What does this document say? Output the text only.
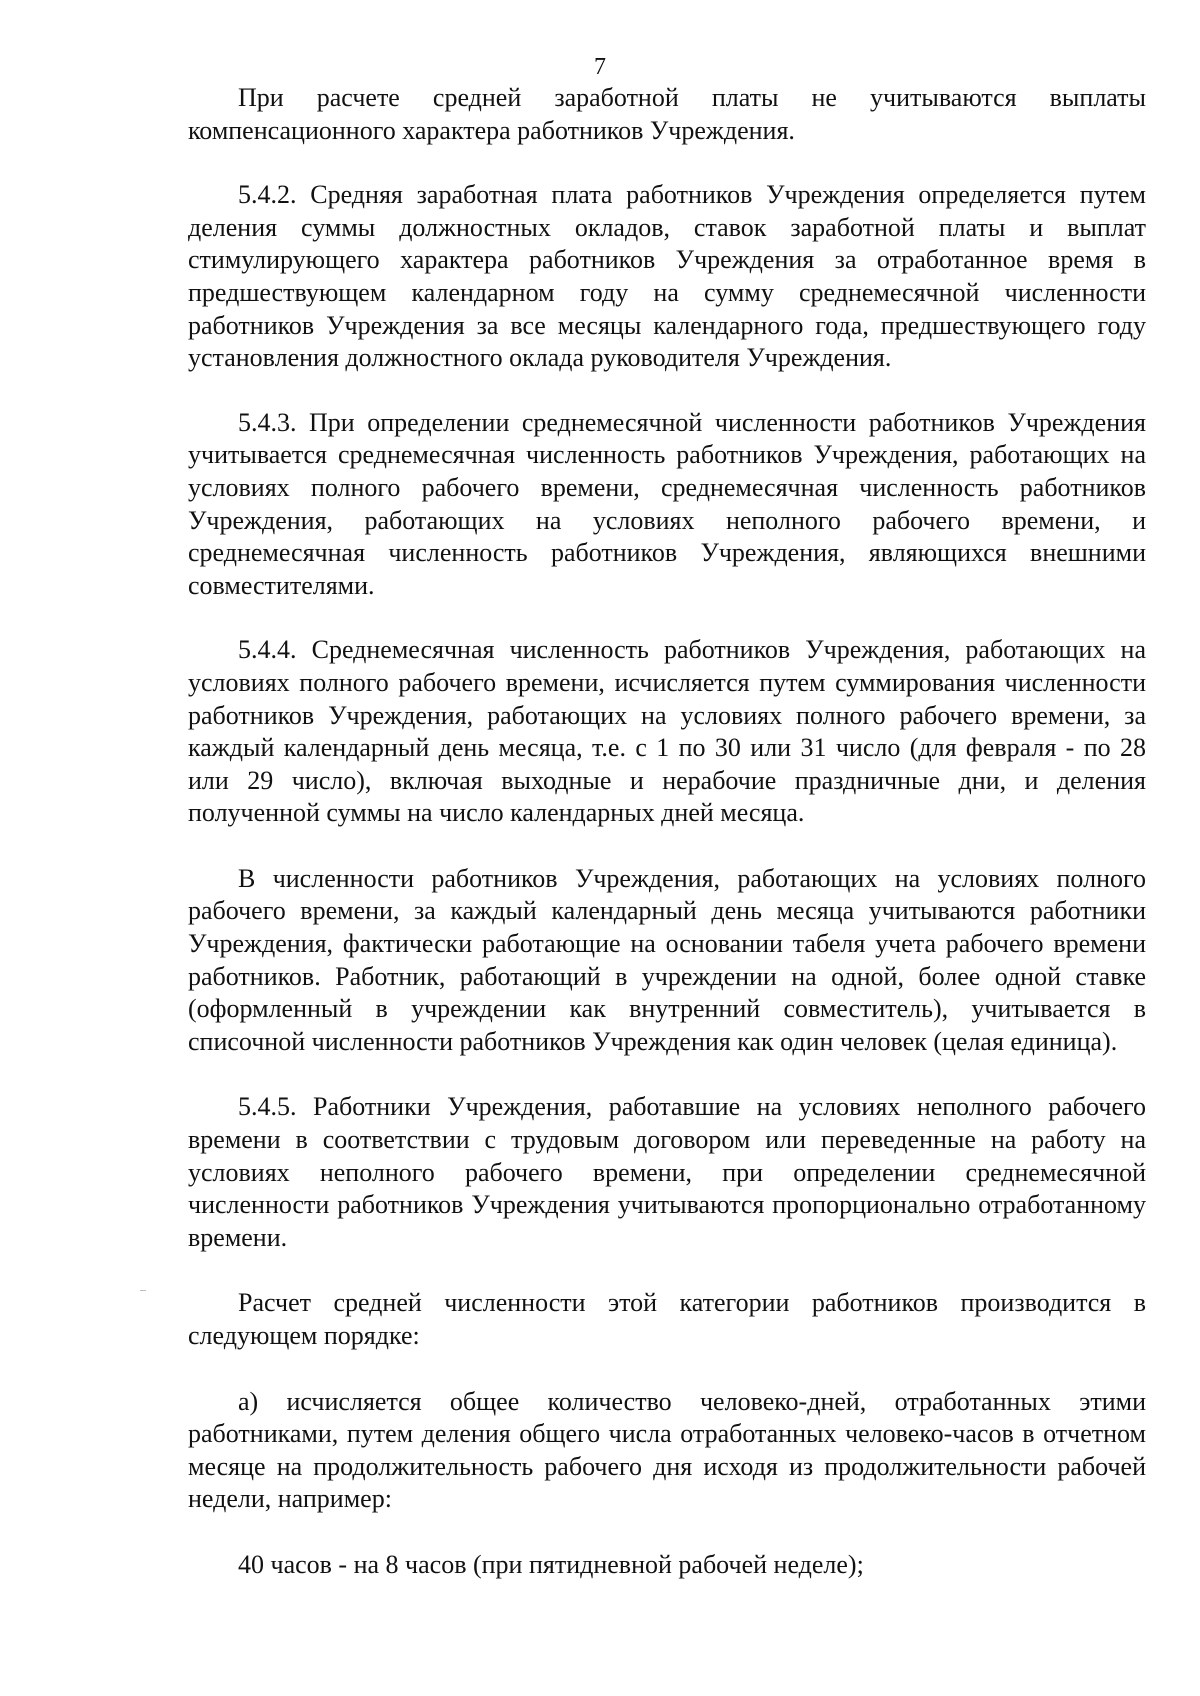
7

При расчете средней заработной платы не учитываются выплаты компенсационного характера работников Учреждения.

5.4.2. Средняя заработная плата работников Учреждения определяется путем деления суммы должностных окладов, ставок заработной платы и выплат стимулирующего характера работников Учреждения за отработанное время в предшествующем календарном году на сумму среднемесячной численности работников Учреждения за все месяцы календарного года, предшествующего году установления должностного оклада руководителя Учреждения.

5.4.3. При определении среднемесячной численности работников Учреждения учитывается среднемесячная численность работников Учреждения, работающих на условиях полного рабочего времени, среднемесячная численность работников Учреждения, работающих на условиях неполного рабочего времени, и среднемесячная численность работников Учреждения, являющихся внешними совместителями.

5.4.4. Среднемесячная численность работников Учреждения, работающих на условиях полного рабочего времени, исчисляется путем суммирования численности работников Учреждения, работающих на условиях полного рабочего времени, за каждый календарный день месяца, т.е. с 1 по 30 или 31 число (для февраля - по 28 или 29 число), включая выходные и нерабочие праздничные дни, и деления полученной суммы на число календарных дней месяца.

В численности работников Учреждения, работающих на условиях полного рабочего времени, за каждый календарный день месяца учитываются работники Учреждения, фактически работающие на основании табеля учета рабочего времени работников. Работник, работающий в учреждении на одной, более одной ставке (оформленный в учреждении как внутренний совместитель), учитывается в списочной численности работников Учреждения как один человек (целая единица).

5.4.5. Работники Учреждения, работавшие на условиях неполного рабочего времени в соответствии с трудовым договором или переведенные на работу на условиях неполного рабочего времени, при определении среднемесячной численности работников Учреждения учитываются пропорционально отработанному времени.

Расчет средней численности этой категории работников производится в следующем порядке:

а) исчисляется общее количество человеко-дней, отработанных этими работниками, путем деления общего числа отработанных человеко-часов в отчетном месяце на продолжительность рабочего дня исходя из продолжительности рабочей недели, например:

40 часов - на 8 часов (при пятидневной рабочей неделе);
